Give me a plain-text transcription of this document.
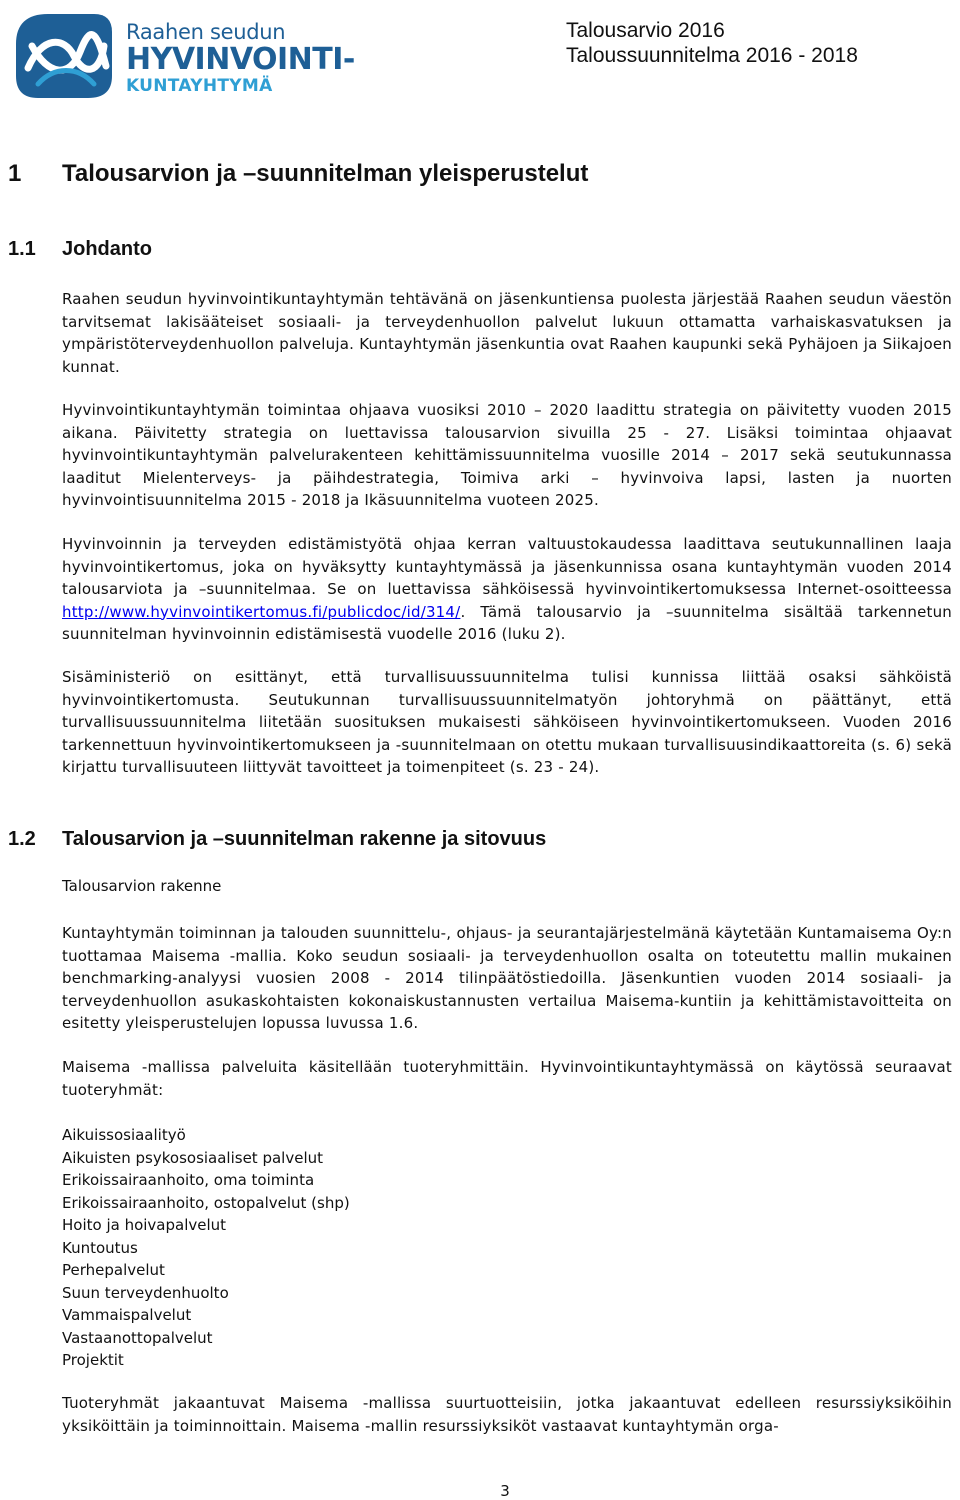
Raahen seudun
HYVINVOINTI-
KUNTAYHTYMÄ
Talousarvio 2016
Taloussuunnitelma 2016 - 2018
1 Talousarvion ja –suunnitelman yleisperustelut
1.1 Johdanto

Raahen seudun hyvinvointikuntayhtymän tehtävänä on jäsenkuntiensa puolesta järjestää Raahen seudun väestön tarvitsemat lakisääteiset sosiaali- ja terveydenhuollon palvelut lukuun ottamatta varhaiskasvatuksen ja ympäristöterveydenhuollon palveluja. Kuntayhtymän jäsenkuntia ovat Raahen kaupunki sekä Pyhäjoen ja Siikajoen kunnat.

Hyvinvointikuntayhtymän toimintaa ohjaava vuosiksi 2010 – 2020 laadittu strategia on päivitetty vuoden 2015 aikana. Päivitetty strategia on luettavissa talousarvion sivuilla 25 - 27. Lisäksi toimintaa ohjaavat hyvinvointikuntayhtymän palvelurakenteen kehittämissuunnitelma vuosille 2014 – 2017 sekä seutukunnassa laaditut Mielenterveys- ja päihdestrategia, Toimiva arki – hyvinvoiva lapsi, lasten ja nuorten hyvinvointisuunnitelma 2015 - 2018 ja Ikäsuunnitelma vuoteen 2025.

Hyvinvoinnin ja terveyden edistämistyötä ohjaa kerran valtuustokaudessa laadittava seutukunnallinen laaja hyvinvointikertomus, joka on hyväksytty kuntayhtymässä ja jäsenkunnissa osana kuntayhtymän vuoden 2014 talousarviota ja –suunnitelmaa. Se on luettavissa sähköisessä hyvinvointikertomuksessa Internet-osoitteessa http://www.hyvinvointikertomus.fi/publicdoc/id/314/. Tämä talousarvio ja –suunnitelma sisältää tarkennetun suunnitelman hyvinvoinnin edistämisestä vuodelle 2016 (luku 2).

Sisäministeriö on esittänyt, että turvallisuussuunnitelma tulisi kunnissa liittää osaksi sähköistä hyvinvointikertomusta. Seutukunnan turvallisuussuunnitelmatyön johtoryhmä on päättänyt, että turvallisuussuunnitelma liitetään suosituksen mukaisesti sähköiseen hyvinvointikertomukseen. Vuoden 2016 tarkennettuun hyvinvointikertomukseen ja -suunnitelmaan on otettu mukaan turvallisuusindikaattoreita (s. 6) sekä kirjattu turvallisuuteen liittyvät tavoitteet ja toimenpiteet (s. 23 - 24).

1.2 Talousarvion ja –suunnitelman rakenne ja sitovuus

Talousarvion rakenne

Kuntayhtymän toiminnan ja talouden suunnittelu-, ohjaus- ja seurantajärjestelmänä käytetään Kuntamaisema Oy:n tuottamaa Maisema -mallia. Koko seudun sosiaali- ja terveydenhuollon osalta on toteutettu mallin mukainen benchmarking-analyysi vuosien 2008 - 2014 tilinpäätöstiedoilla. Jäsenkuntien vuoden 2014 sosiaali- ja terveydenhuollon asukaskohtaisten kokonaiskustannusten vertailua Maisema-kuntiin ja kehittämistavoitteita on esitetty yleisperustelujen lopussa luvussa 1.6.

Maisema -mallissa palveluita käsitellään tuoteryhmittäin. Hyvinvointikuntayhtymässä on käytössä seuraavat tuoteryhmät:

Aikuissosiaalityö
Aikuisten psykososiaaliset palvelut
Erikoissairaanhoito, oma toiminta
Erikoissairaanhoito, ostopalvelut (shp)
Hoito ja hoivapalvelut
Kuntoutus
Perhepalvelut
Suun terveydenhuolto
Vammaispalvelut
Vastaanottopalvelut
Projektit

Tuoteryhmät jakaantuvat Maisema -mallissa suurtuotteisiin, jotka jakaantuvat edelleen resurssiyksiköihin yksiköittäin ja toiminnoittain. Maisema -mallin resurssiyksiköt vastaavat kuntayhtymän orga-

3
